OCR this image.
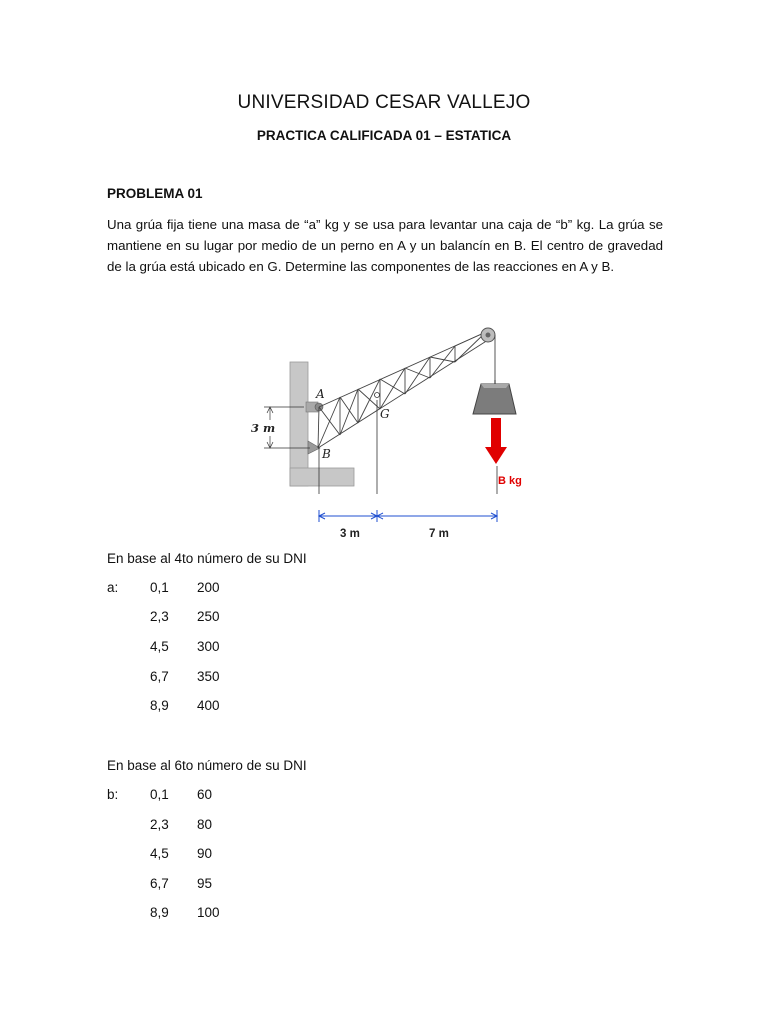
UNIVERSIDAD CESAR VALLEJO
PRACTICA CALIFICADA 01 – ESTATICA
PROBLEMA 01
Una grúa fija tiene una masa de “a” kg y se usa para levantar una caja de “b” kg. La grúa se mantiene en su lugar por medio de un perno en A y un balancín en B. El centro de gravedad de la grúa está ubicado en G. Determine las componentes de las reacciones en A y B.
B kg
3 m
A
B
G
3 m	7 m
En base al 4to número de su DNI
a: 0,1 200
2,3 250
4,5 300
6,7 350
8,9 400
En base al 6to número de su DNI
b: 0,1 60
2,3 80
4,5 90
6,7 95
8,9 100
